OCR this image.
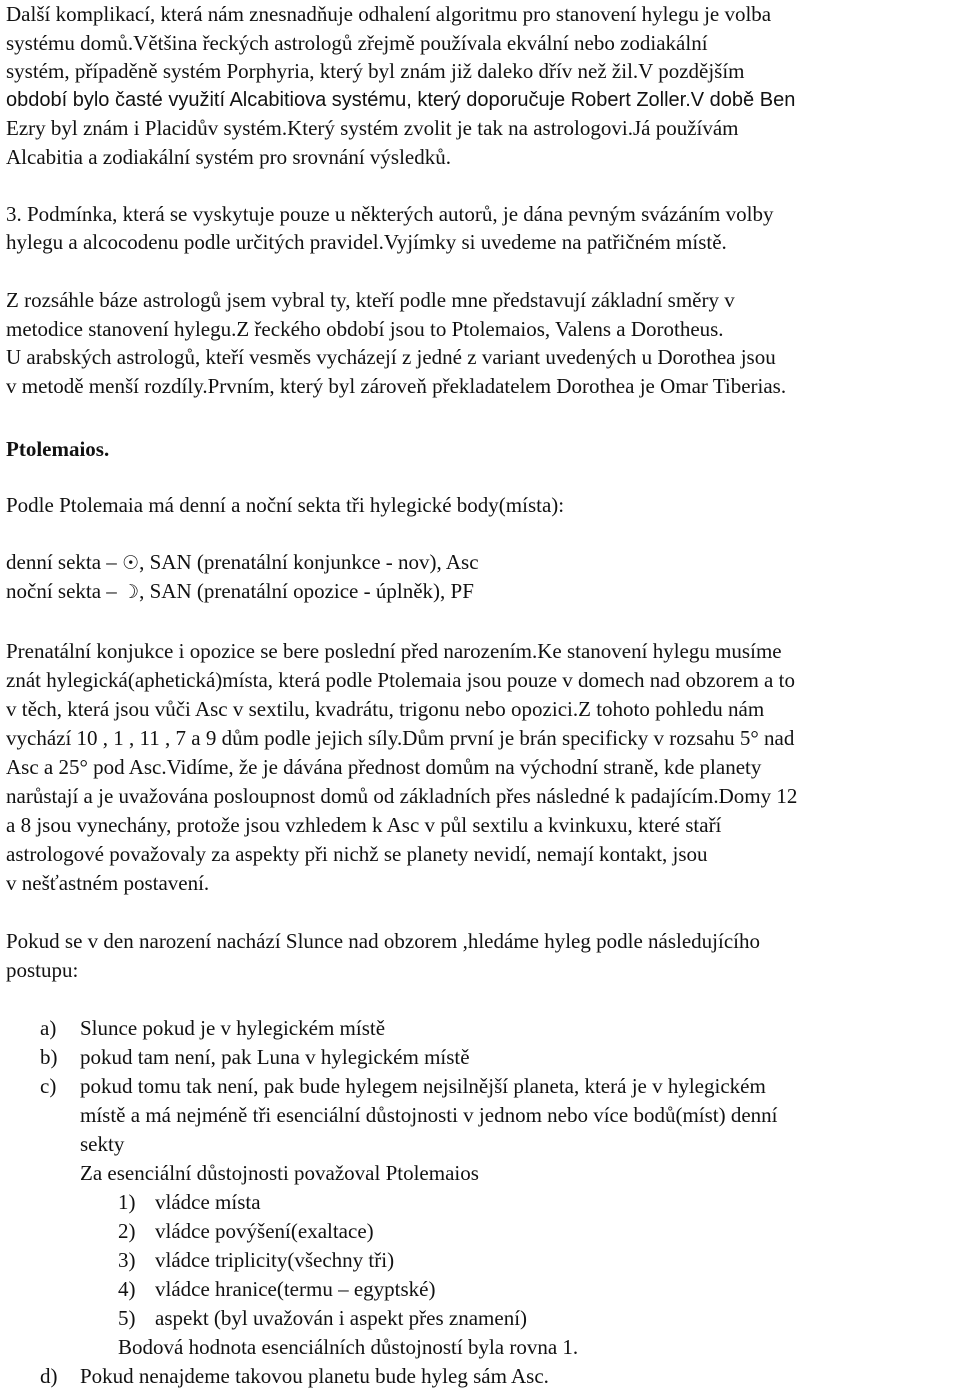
Další komplikací, která nám znesnadňuje odhalení algoritmu pro stanovení hylegu je volba
systému domů.Většina řeckých astrologů zřejmě používala ekvální nebo zodiakální
systém, případěně systém Porphyria, který byl znám již daleko dřív než žil.V pozdějším
období bylo časté využití Alcabitiova systému, který doporučuje Robert Zoller.V době Ben
Ezry byl znám i Placidův systém.Který systém zvolit je tak na astrologovi.Já používám
Alcabitia a zodiakální systém pro srovnání výsledků.
3. Podmínka, která se vyskytuje pouze u některých autorů, je dána pevným svázáním volby
hylegu a alcocodenu podle určitých pravidel.Vyjímky si uvedeme na patřičném místě.
Z rozsáhle báze astrologů jsem vybral ty, kteří podle mne představují základní směry v
metodice stanovení hylegu.Z řeckého období jsou to Ptolemaios, Valens a Dorotheus.
U arabských astrologů, kteří vesměs vycházejí z jedné z variant uvedených u Dorothea jsou
v metodě menší rozdíly.Prvním, který byl zároveň překladatelem Dorothea je Omar Tiberias.
Ptolemaios.
Podle Ptolemaia má denní a noční sekta tři hylegické body(místa):
denní sekta – ☉, SAN (prenatální konjunkce - nov), Asc
noční sekta – ☽, SAN (prenatální opozice - úplněk), PF
Prenatální konjukce i opozice se bere poslední před narozením.Ke stanovení hylegu musíme
znát hylegická(aphetická)místa, která podle Ptolemaia jsou pouze v domech nad obzorem a to
v těch, která jsou vůči Asc v sextilu, kvadrátu, trigonu nebo opozici.Z tohoto pohledu nám
vychází 10 , 1 , 11 , 7 a 9 dům podle jejich síly.Dům první je brán specificky v rozsahu 5° nad
Asc a 25° pod Asc.Vidíme, že je dávána přednost domům na východní straně, kde planety
narůstají a je uvažována posloupnost domů od základních přes následné k padajícím.Domy 12
a 8 jsou vynechány, protože jsou vzhledem k Asc v půl sextilu a kvinkuxu, které staří
astrologové považovaly za aspekty při nichž se planety nevidí, nemají kontakt, jsou
v nešťastném postavení.
Pokud se v den narození nachází Slunce nad obzorem ,hledáme hyleg podle následujícího
postupu:
a) Slunce pokud je v hylegickém místě
b) pokud tam není, pak Luna v hylegickém místě
c) pokud tomu tak není, pak bude hylegem nejsilnější planeta, která je v hylegickém
místě a má nejméně tři esenciální důstojnosti v jednom nebo více bodů(míst) denní
sekty
Za esenciální důstojnosti považoval Ptolemaios
1) vládce místa
2) vládce povýšení(exaltace)
3) vládce triplicity(všechny tři)
4) vládce hranice(termu – egyptské)
5) aspekt (byl uvažován i aspekt přes znamení)
Bodová hodnota esenciálních důstojností byla rovna 1.
d) Pokud nenajdeme takovou planetu bude hyleg sám Asc.
